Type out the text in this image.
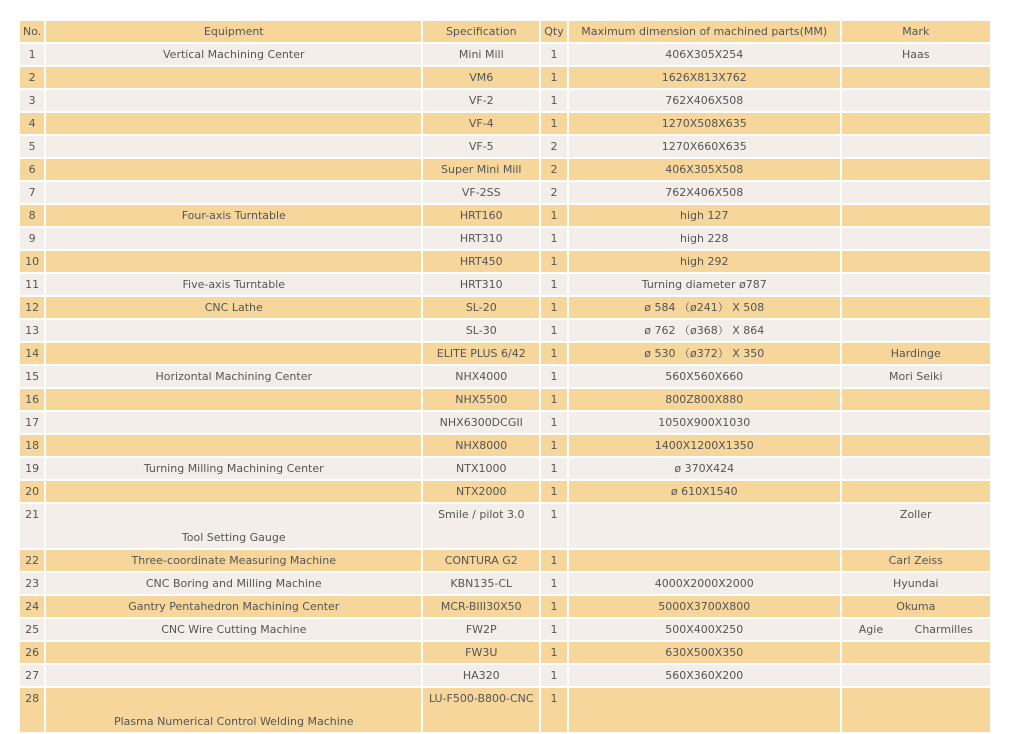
No.	Equipment	Specification	Qty	Maximum dimension of machined parts(MM)	Mark
1	Vertical Machining Center	Mini Mill	1	406X305X254	Haas
2		VM6	1	1626X813X762	
3		VF-2	1	762X406X508	
4		VF-4	1	1270X508X635	
5		VF-5	2	1270X660X635	
6		Super Mini Mill	2	406X305X508	
7		VF-2SS	2	762X406X508	
8	Four-axis Turntable	HRT160	1	high 127	
9		HRT310	1	high 228	
10		HRT450	1	high 292	
11	Five-axis Turntable	HRT310	1	Turning diameter ø787	
12	CNC Lathe	SL-20	1	ø 584 （ø241） X 508	
13		SL-30	1	ø 762 （ø368） X 864	
14		ELITE PLUS 6/42	1	ø 530 （ø372） X 350	Hardinge
15	Horizontal Machining Center	NHX4000	1	560X560X660	Mori Seiki
16		NHX5500	1	800Z800X880	
17		NHX6300DCGII	1	1050X900X1030	
18		NHX8000	1	1400X1200X1350	
19	Turning Milling Machining Center	NTX1000	1	ø 370X424	
20		NTX2000	1	ø 610X1540	
21	Tool Setting Gauge	Smile / pilot 3.0	1		Zoller
22	Three-coordinate Measuring Machine	CONTURA G2	1		Carl Zeiss
23	CNC Boring and Milling Machine	KBN135-CL	1	4000X2000X2000	Hyundai
24	Gantry Pentahedron Machining Center	MCR-BIII30X50	1	5000X3700X800	Okuma
25	CNC Wire Cutting Machine	FW2P	1	500X400X250	Agie Charmilles

26		FW3U	1	630X500X350	
27		HA320	1	560X360X200	
28	Plasma Numerical Control Welding Machine	LU-F500-B800-CNC	1		
